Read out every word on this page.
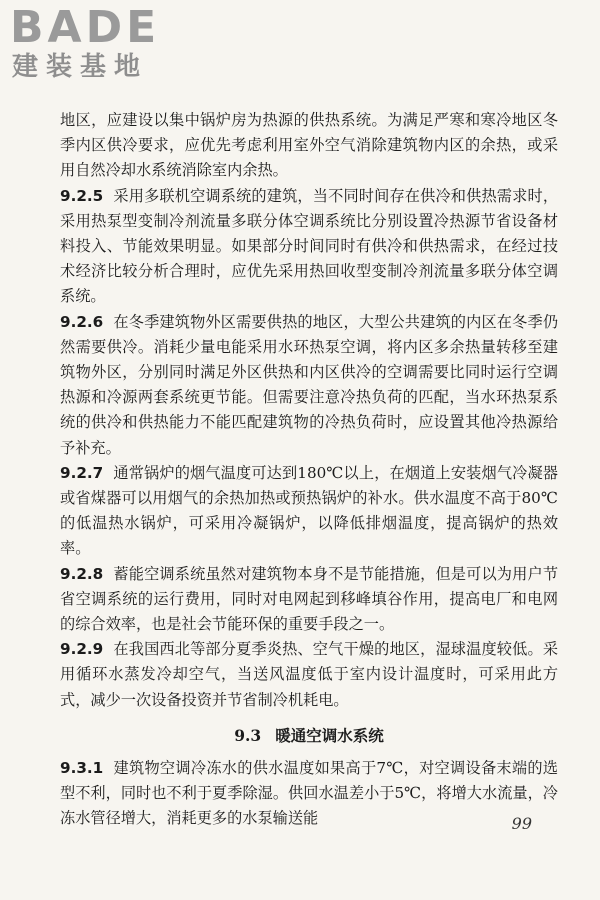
BADE
建装基地

地区，应建设以集中锅炉房为热源的供热系统。为满足严寒和寒冷地区冬季内区供冷要求，应优先考虑利用室外空气消除建筑物内区的余热，或采用自然冷却水系统消除室内余热。

9.2.5 采用多联机空调系统的建筑，当不同时间存在供冷和供热需求时，采用热泵型变制冷剂流量多联分体空调系统比分别设置冷热源节省设备材料投入、节能效果明显。如果部分时间同时有供冷和供热需求，在经过技术经济比较分析合理时，应优先采用热回收型变制冷剂流量多联分体空调系统。

9.2.6 在冬季建筑物外区需要供热的地区，大型公共建筑的内区在冬季仍然需要供冷。消耗少量电能采用水环热泵空调，将内区多余热量转移至建筑物外区，分别同时满足外区供热和内区供冷的空调需要比同时运行空调热源和冷源两套系统更节能。但需要注意冷热负荷的匹配，当水环热泵系统的供冷和供热能力不能匹配建筑物的冷热负荷时，应设置其他冷热源给予补充。

9.2.7 通常锅炉的烟气温度可达到180℃以上，在烟道上安装烟气冷凝器或省煤器可以用烟气的余热加热或预热锅炉的补水。供水温度不高于80℃的低温热水锅炉，可采用冷凝锅炉，以降低排烟温度，提高锅炉的热效率。

9.2.8 蓄能空调系统虽然对建筑物本身不是节能措施，但是可以为用户节省空调系统的运行费用，同时对电网起到移峰填谷作用，提高电厂和电网的综合效率，也是社会节能环保的重要手段之一。

9.2.9 在我国西北等部分夏季炎热、空气干燥的地区，湿球温度较低。采用循环水蒸发冷却空气，当送风温度低于室内设计温度时，可采用此方式，减少一次设备投资并节省制冷机耗电。

9.3 暖通空调水系统

9.3.1 建筑物空调冷冻水的供水温度如果高于7℃，对空调设备末端的选型不利，同时也不利于夏季除湿。供回水温差小于5℃，将增大水流量，冷冻水管径增大，消耗更多的水泵输送能	99
